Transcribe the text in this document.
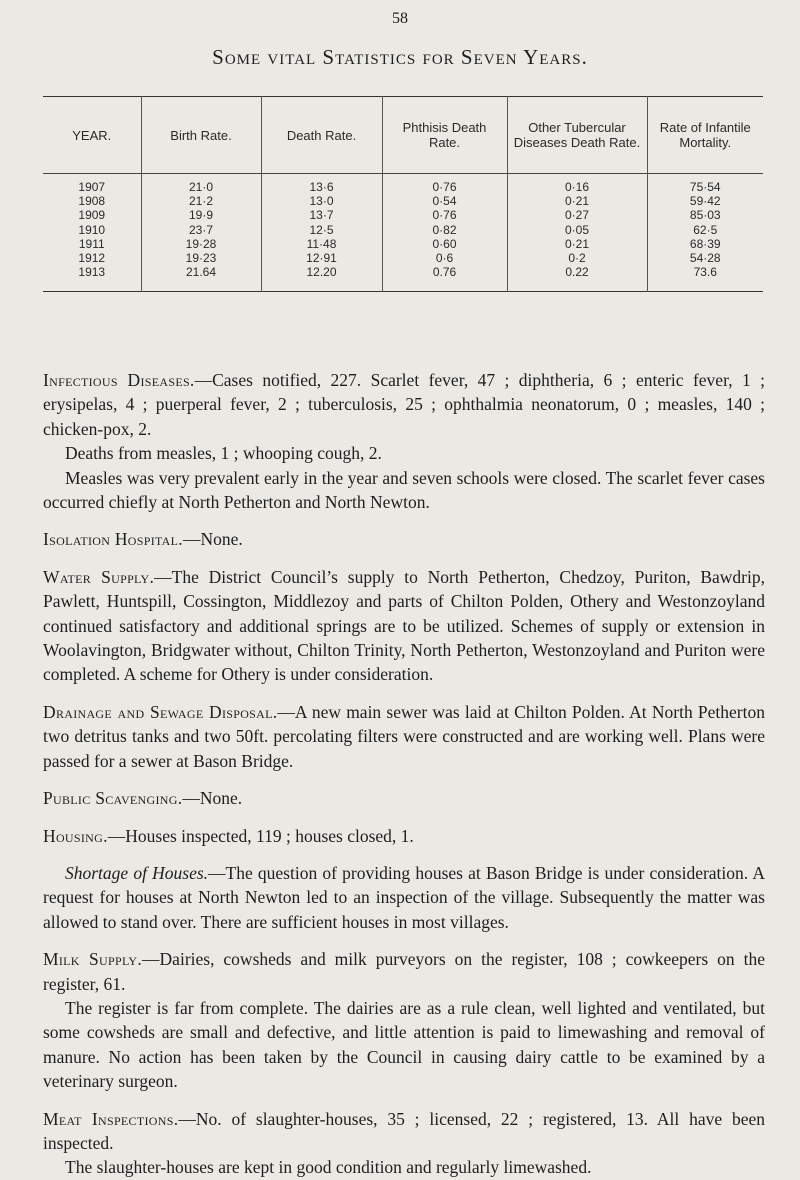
58
Some vital Statistics for Seven Years.
YEAR.	Birth Rate.	Death Rate.	Phthisis Death Rate.	Other Tubercular Diseases Death Rate.	Rate of Infantile Mortality.
1907	21·0	13·6	0·76	0·16	75·54
1908	21·2	13·0	0·54	0·21	59·42
1909	19·9	13·7	0·76	0·27	85·03
1910	23·7	12·5	0·82	0·05	62·5
1911	19·28	11·48	0·60	0·21	68·39
1912	19·23	12·91	0·6	0·2	54·28
1913	21.64	12.20	0.76	0.22	73.6

Infectious Diseases.—Cases notified, 227. Scarlet fever, 47 ; diphtheria, 6 ; enteric fever, 1 ; erysipelas, 4 ; puerperal fever, 2 ; tuberculosis, 25 ; ophthalmia neonatorum, 0 ; measles, 140 ; chicken-pox, 2.

Deaths from measles, 1 ; whooping cough, 2.

Measles was very prevalent early in the year and seven schools were closed. The scarlet fever cases occurred chiefly at North Petherton and North Newton.

Isolation Hospital.—None.

Water Supply.—The District Council’s supply to North Petherton, Chedzoy, Puriton, Bawdrip, Pawlett, Huntspill, Cossington, Middlezoy and parts of Chilton Polden, Othery and Westonzoyland continued satisfactory and additional springs are to be utilized. Schemes of supply or extension in Woolavington, Bridgwater without, Chilton Trinity, North Petherton, Westonzoyland and Puriton were completed. A scheme for Othery is under consideration.

Drainage and Sewage Disposal.—A new main sewer was laid at Chilton Polden. At North Petherton two detritus tanks and two 50ft. percolating filters were constructed and are working well. Plans were passed for a sewer at Bason Bridge.

Public Scavenging.—None.

Housing.—Houses inspected, 119 ; houses closed, 1.

Shortage of Houses.—The question of providing houses at Bason Bridge is under consideration. A request for houses at North Newton led to an inspection of the village. Subsequently the matter was allowed to stand over. There are sufficient houses in most villages.

Milk Supply.—Dairies, cowsheds and milk purveyors on the register, 108 ; cowkeepers on the register, 61.

The register is far from complete. The dairies are as a rule clean, well lighted and ventilated, but some cowsheds are small and defective, and little attention is paid to limewashing and removal of manure. No action has been taken by the Council in causing dairy cattle to be examined by a veterinary surgeon.

Meat Inspections.—No. of slaughter-houses, 35 ; licensed, 22 ; registered, 13. All have been inspected.

The slaughter-houses are kept in good condition and regularly limewashed.
